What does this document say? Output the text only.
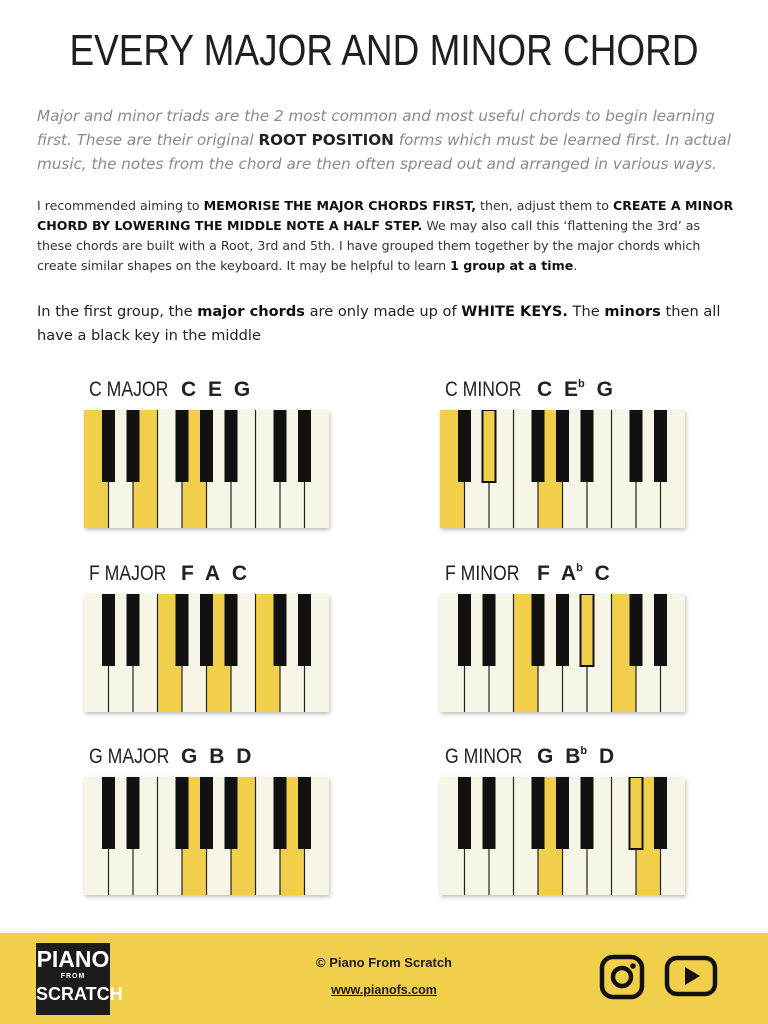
EVERY MAJOR AND MINOR CHORD

Major and minor triads are the 2 most common and most useful chords to begin learning first. These are their original ROOT POSITION forms which must be learned first. In actual music, the notes from the chord are then often spread out and arranged in various ways.

I recommended aiming to MEMORISE THE MAJOR CHORDS FIRST, then, adjust them to CREATE A MINOR CHORD BY LOWERING THE MIDDLE NOTE A HALF STEP. We may also call this ‘flattening the 3rd’ as these chords are built with a Root, 3rd and 5th. I have grouped them together by the major chords which create similar shapes on the keyboard. It may be helpful to learn 1 group at a time.

In the first group, the major chords are only made up of WHITE KEYS. The minors then all have a black key in the middle

C MAJOR C E G	C MINOR C $E^b$ G
F MAJOR F A C	F MINOR F $A^b$ C
G MAJOR G B D	G MINOR G $B^b$ D
PIANO
FROM
SCRATCH
© Piano From Scratch
www.pianofs.com
